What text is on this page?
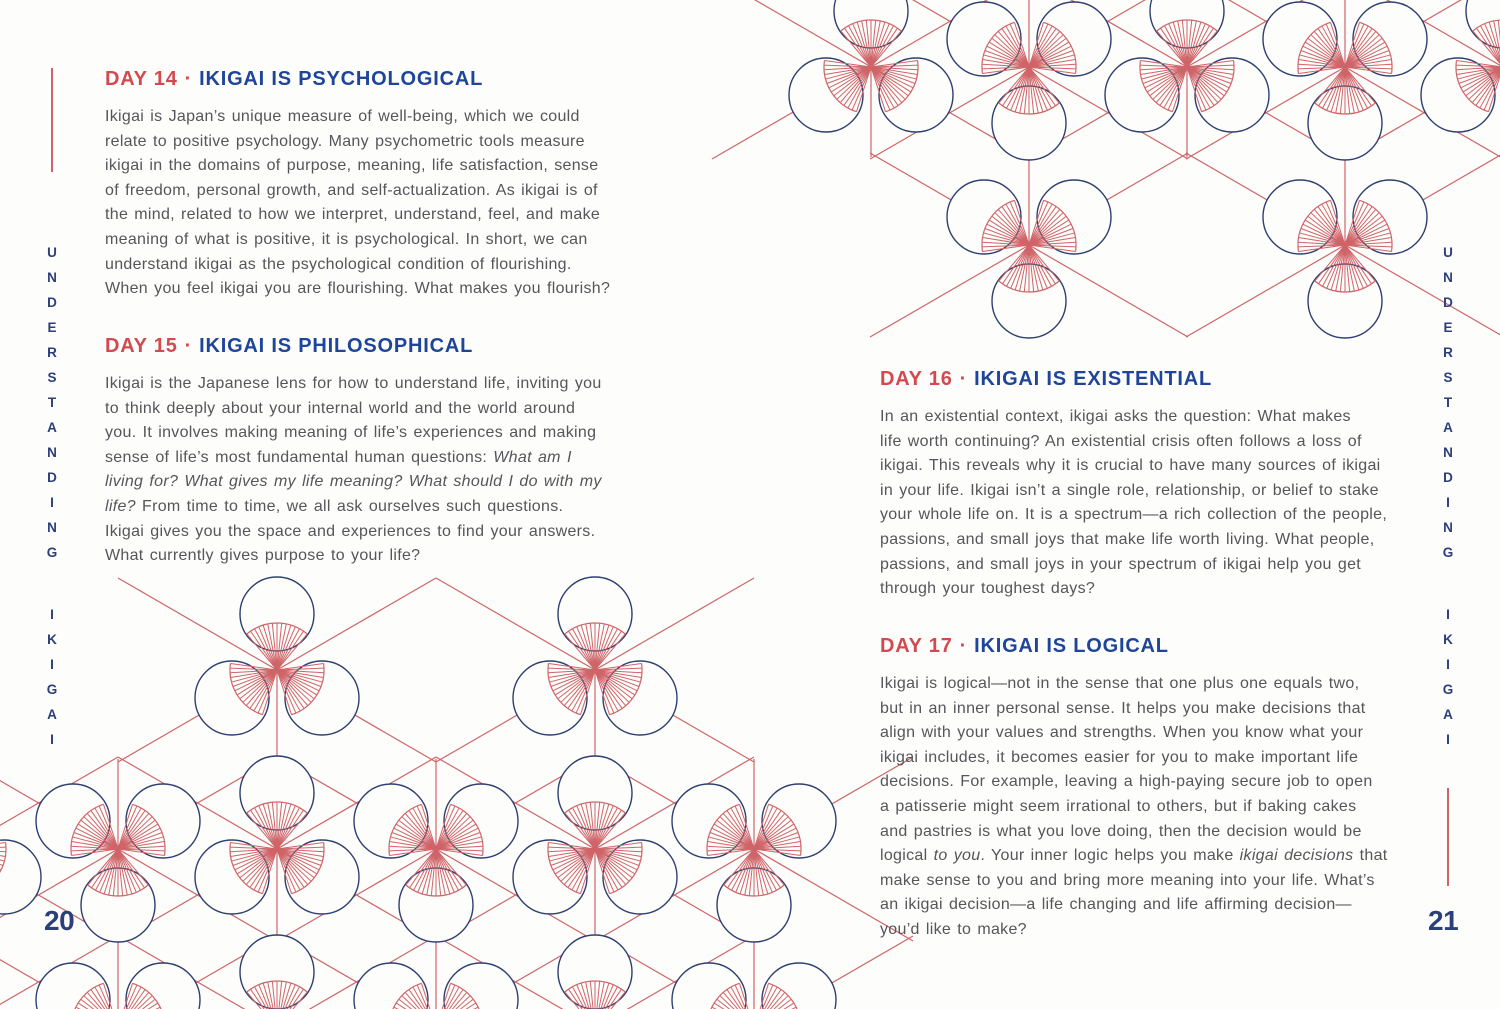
U
N
D
E
R
S
T
A
N
D
I
N
G
I
K
I
G
A
I
20
U
N
D
E
R
S
T
A
N
D
I
N
G
I
K
I
G
A
I
21
DAY 14 · IKIGAI IS PSYCHOLOGICAL
Ikigai is Japan’s unique measure of well-being, which we could
relate to positive psychology. Many psychometric tools measure
ikigai in the domains of purpose, meaning, life satisfaction, sense
of freedom, personal growth, and self-actualization. As ikigai is of
the mind, related to how we interpret, understand, feel, and make
meaning of what is positive, it is psychological. In short, we can
understand ikigai as the psychological condition of flourishing.
When you feel ikigai you are flourishing. What makes you flourish?
DAY 15 · IKIGAI IS PHILOSOPHICAL
Ikigai is the Japanese lens for how to understand life, inviting you
to think deeply about your internal world and the world around
you. It involves making meaning of life’s experiences and making
sense of life’s most fundamental human questions: What am I
living for? What gives my life meaning? What should I do with my
life? From time to time, we all ask ourselves such questions.
Ikigai gives you the space and experiences to find your answers.
What currently gives purpose to your life?
DAY 16 · IKIGAI IS EXISTENTIAL
In an existential context, ikigai asks the question: What makes
life worth continuing? An existential crisis often follows a loss of
ikigai. This reveals why it is crucial to have many sources of ikigai
in your life. Ikigai isn’t a single role, relationship, or belief to stake
your whole life on. It is a spectrum—a rich collection of the people,
passions, and small joys that make life worth living. What people,
passions, and small joys in your spectrum of ikigai help you get
through your toughest days?
DAY 17 · IKIGAI IS LOGICAL
Ikigai is logical—not in the sense that one plus one equals two,
but in an inner personal sense. It helps you make decisions that
align with your values and strengths. When you know what your
ikigai includes, it becomes easier for you to make important life
decisions. For example, leaving a high-paying secure job to open
a patisserie might seem irrational to others, but if baking cakes
and pastries is what you love doing, then the decision would be
logical to you. Your inner logic helps you make ikigai decisions that
make sense to you and bring more meaning into your life. What’s
an ikigai decision—a life changing and life affirming decision—
you’d like to make?
